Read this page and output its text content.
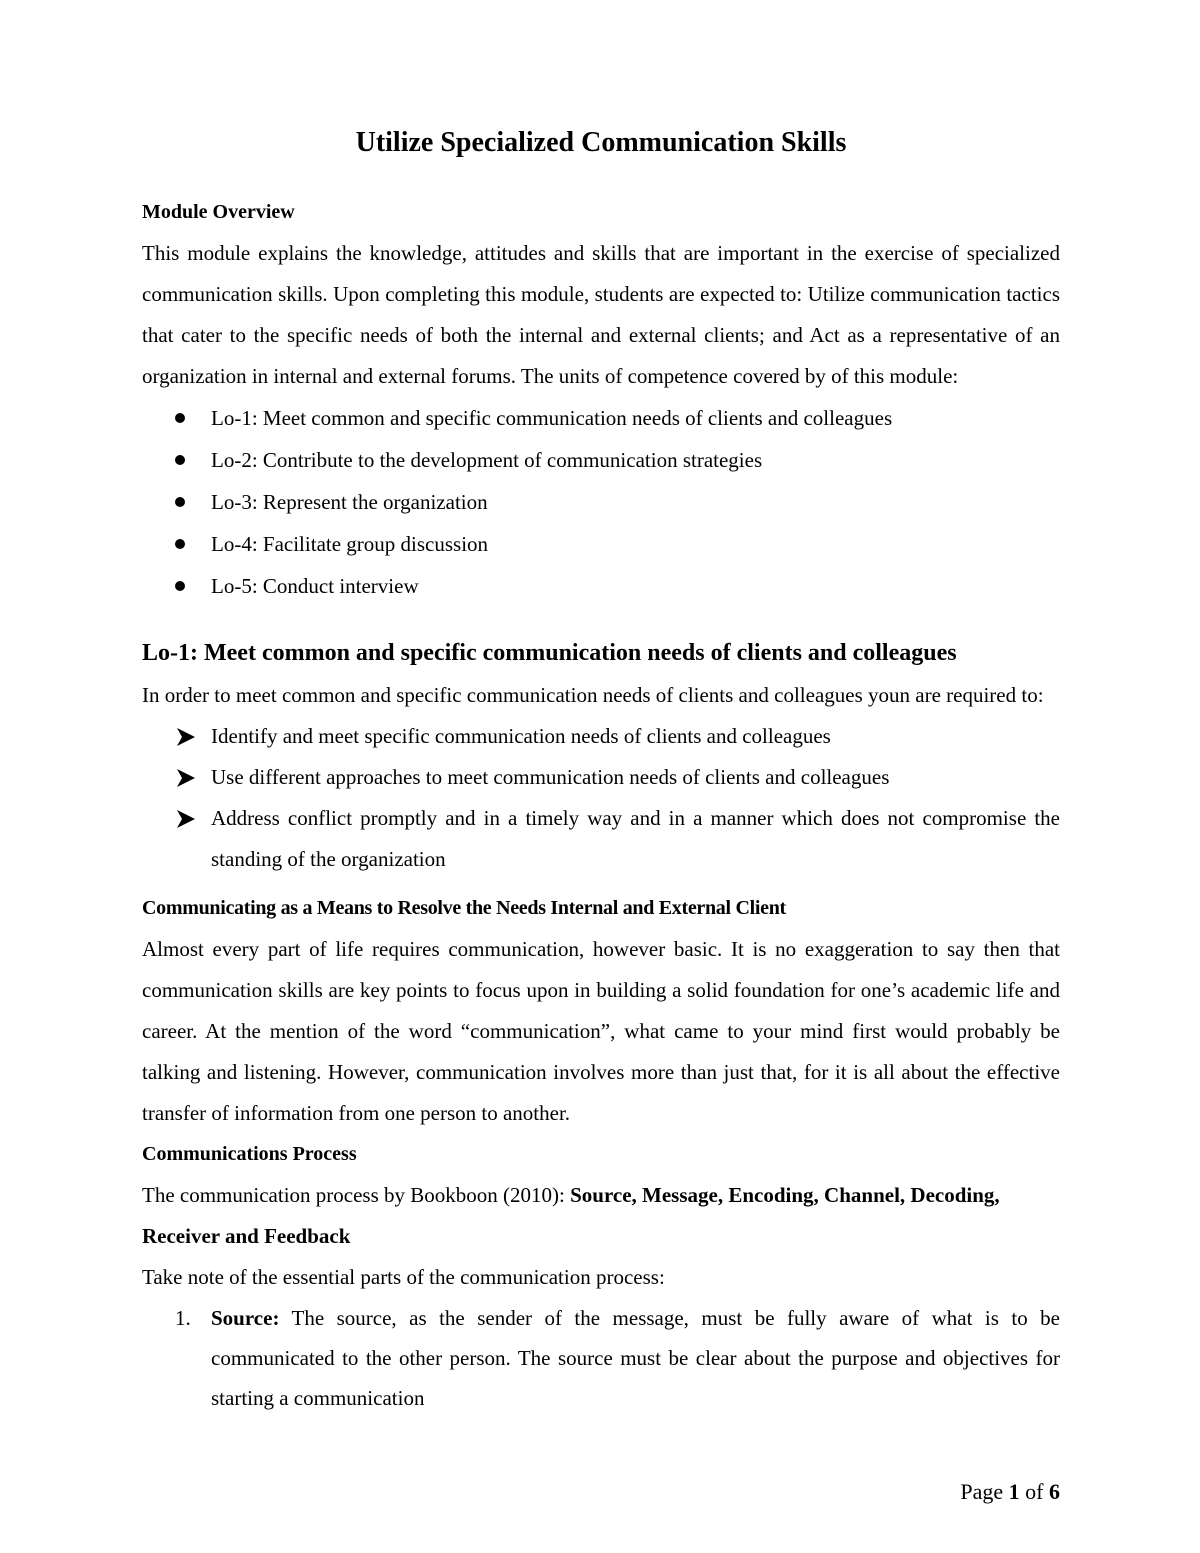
Utilize Specialized Communication Skills

Module Overview

This module explains the knowledge, attitudes and skills that are important in the exercise of specialized communication skills. Upon completing this module, students are expected to: Utilize communication tactics that cater to the specific needs of both the internal and external clients; and Act as a representative of an organization in internal and external forums. The units of competence covered by of this module:

Lo-1: Meet common and specific communication needs of clients and colleagues
Lo-2: Contribute to the development of communication strategies
Lo-3: Represent the organization
Lo-4: Facilitate group discussion
Lo-5: Conduct interview
Lo-1: Meet common and specific communication needs of clients and colleagues

In order to meet common and specific communication needs of clients and colleagues youn are required to:

Identify and meet specific communication needs of clients and colleagues
Use different approaches to meet communication needs of clients and colleagues
Address conflict promptly and in a timely way and in a manner which does not compromise the standing of the organization

Communicating as a Means to Resolve the Needs Internal and External Client

Almost every part of life requires communication, however basic. It is no exaggeration to say then that communication skills are key points to focus upon in building a solid foundation for one’s academic life and career. At the mention of the word “communication”, what came to your mind first would probably be talking and listening. However, communication involves more than just that, for it is all about the effective transfer of information from one person to another.

Communications Process

The communication process by Bookboon (2010): Source, Message, Encoding, Channel, Decoding, Receiver and Feedback

Take note of the essential parts of the communication process:

1. Source: The source, as the sender of the message, must be fully aware of what is to be communicated to the other person. The source must be clear about the purpose and objectives for starting a communication
Page 1 of 6
